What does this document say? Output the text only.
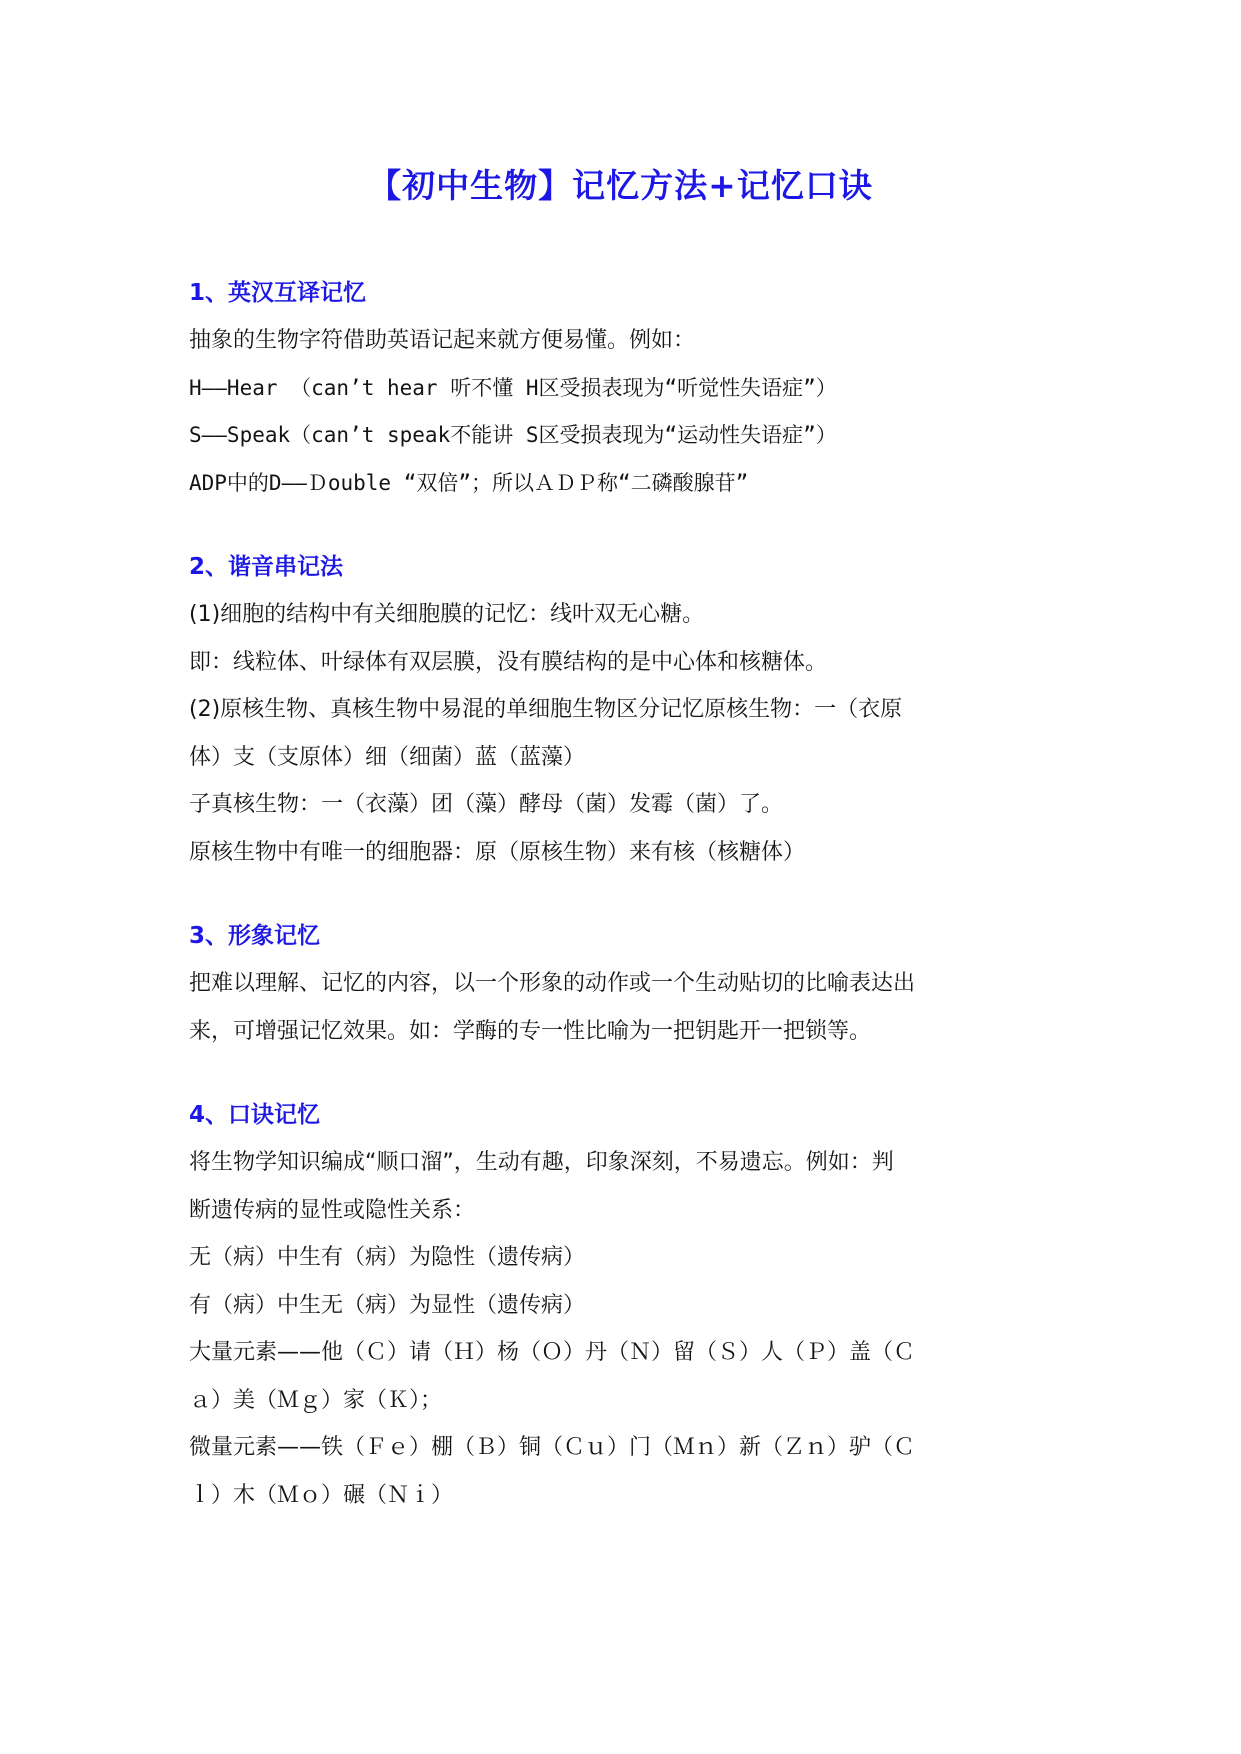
【初中生物】记忆方法+记忆口诀
1、英汉互译记忆
抽象的生物字符借助英语记起来就方便易懂。例如：
H——Hear （can’t hear 听不懂 H区受损表现为“听觉性失语症”）
S——Speak（can’t speak不能讲 S区受损表现为“运动性失语症”）
ADP中的D——Ｄouble “双倍”；所以ＡＤＰ称“二磷酸腺苷”
2、谐音串记法
(1)细胞的结构中有关细胞膜的记忆：线叶双无心糖。
即：线粒体、叶绿体有双层膜，没有膜结构的是中心体和核糖体。
(2)原核生物、真核生物中易混的单细胞生物区分记忆原核生物：一（衣原
体）支（支原体）细（细菌）蓝（蓝藻）
子真核生物：一（衣藻）团（藻）酵母（菌）发霉（菌）了。
原核生物中有唯一的细胞器：原（原核生物）来有核（核糖体）
3、形象记忆
把难以理解、记忆的内容，以一个形象的动作或一个生动贴切的比喻表达出
来，可增强记忆效果。如：学酶的专一性比喻为一把钥匙开一把锁等。
4、口诀记忆
将生物学知识编成“顺口溜”，生动有趣，印象深刻，不易遗忘。例如：判
断遗传病的显性或隐性关系：
无（病）中生有（病）为隐性（遗传病）
有（病）中生无（病）为显性（遗传病）
大量元素——他（Ｃ）请（Ｈ）杨（Ｏ）丹（Ｎ）留（Ｓ）人（Ｐ）盖（Ｃ
ａ）美（Ｍｇ）家（Ｋ）；
微量元素——铁（Ｆｅ）棚（Ｂ）铜（Ｃｕ）门（Ｍｎ）新（Ｚｎ）驴（Ｃ
ｌ）木（Ｍｏ）碾（Ｎｉ）
